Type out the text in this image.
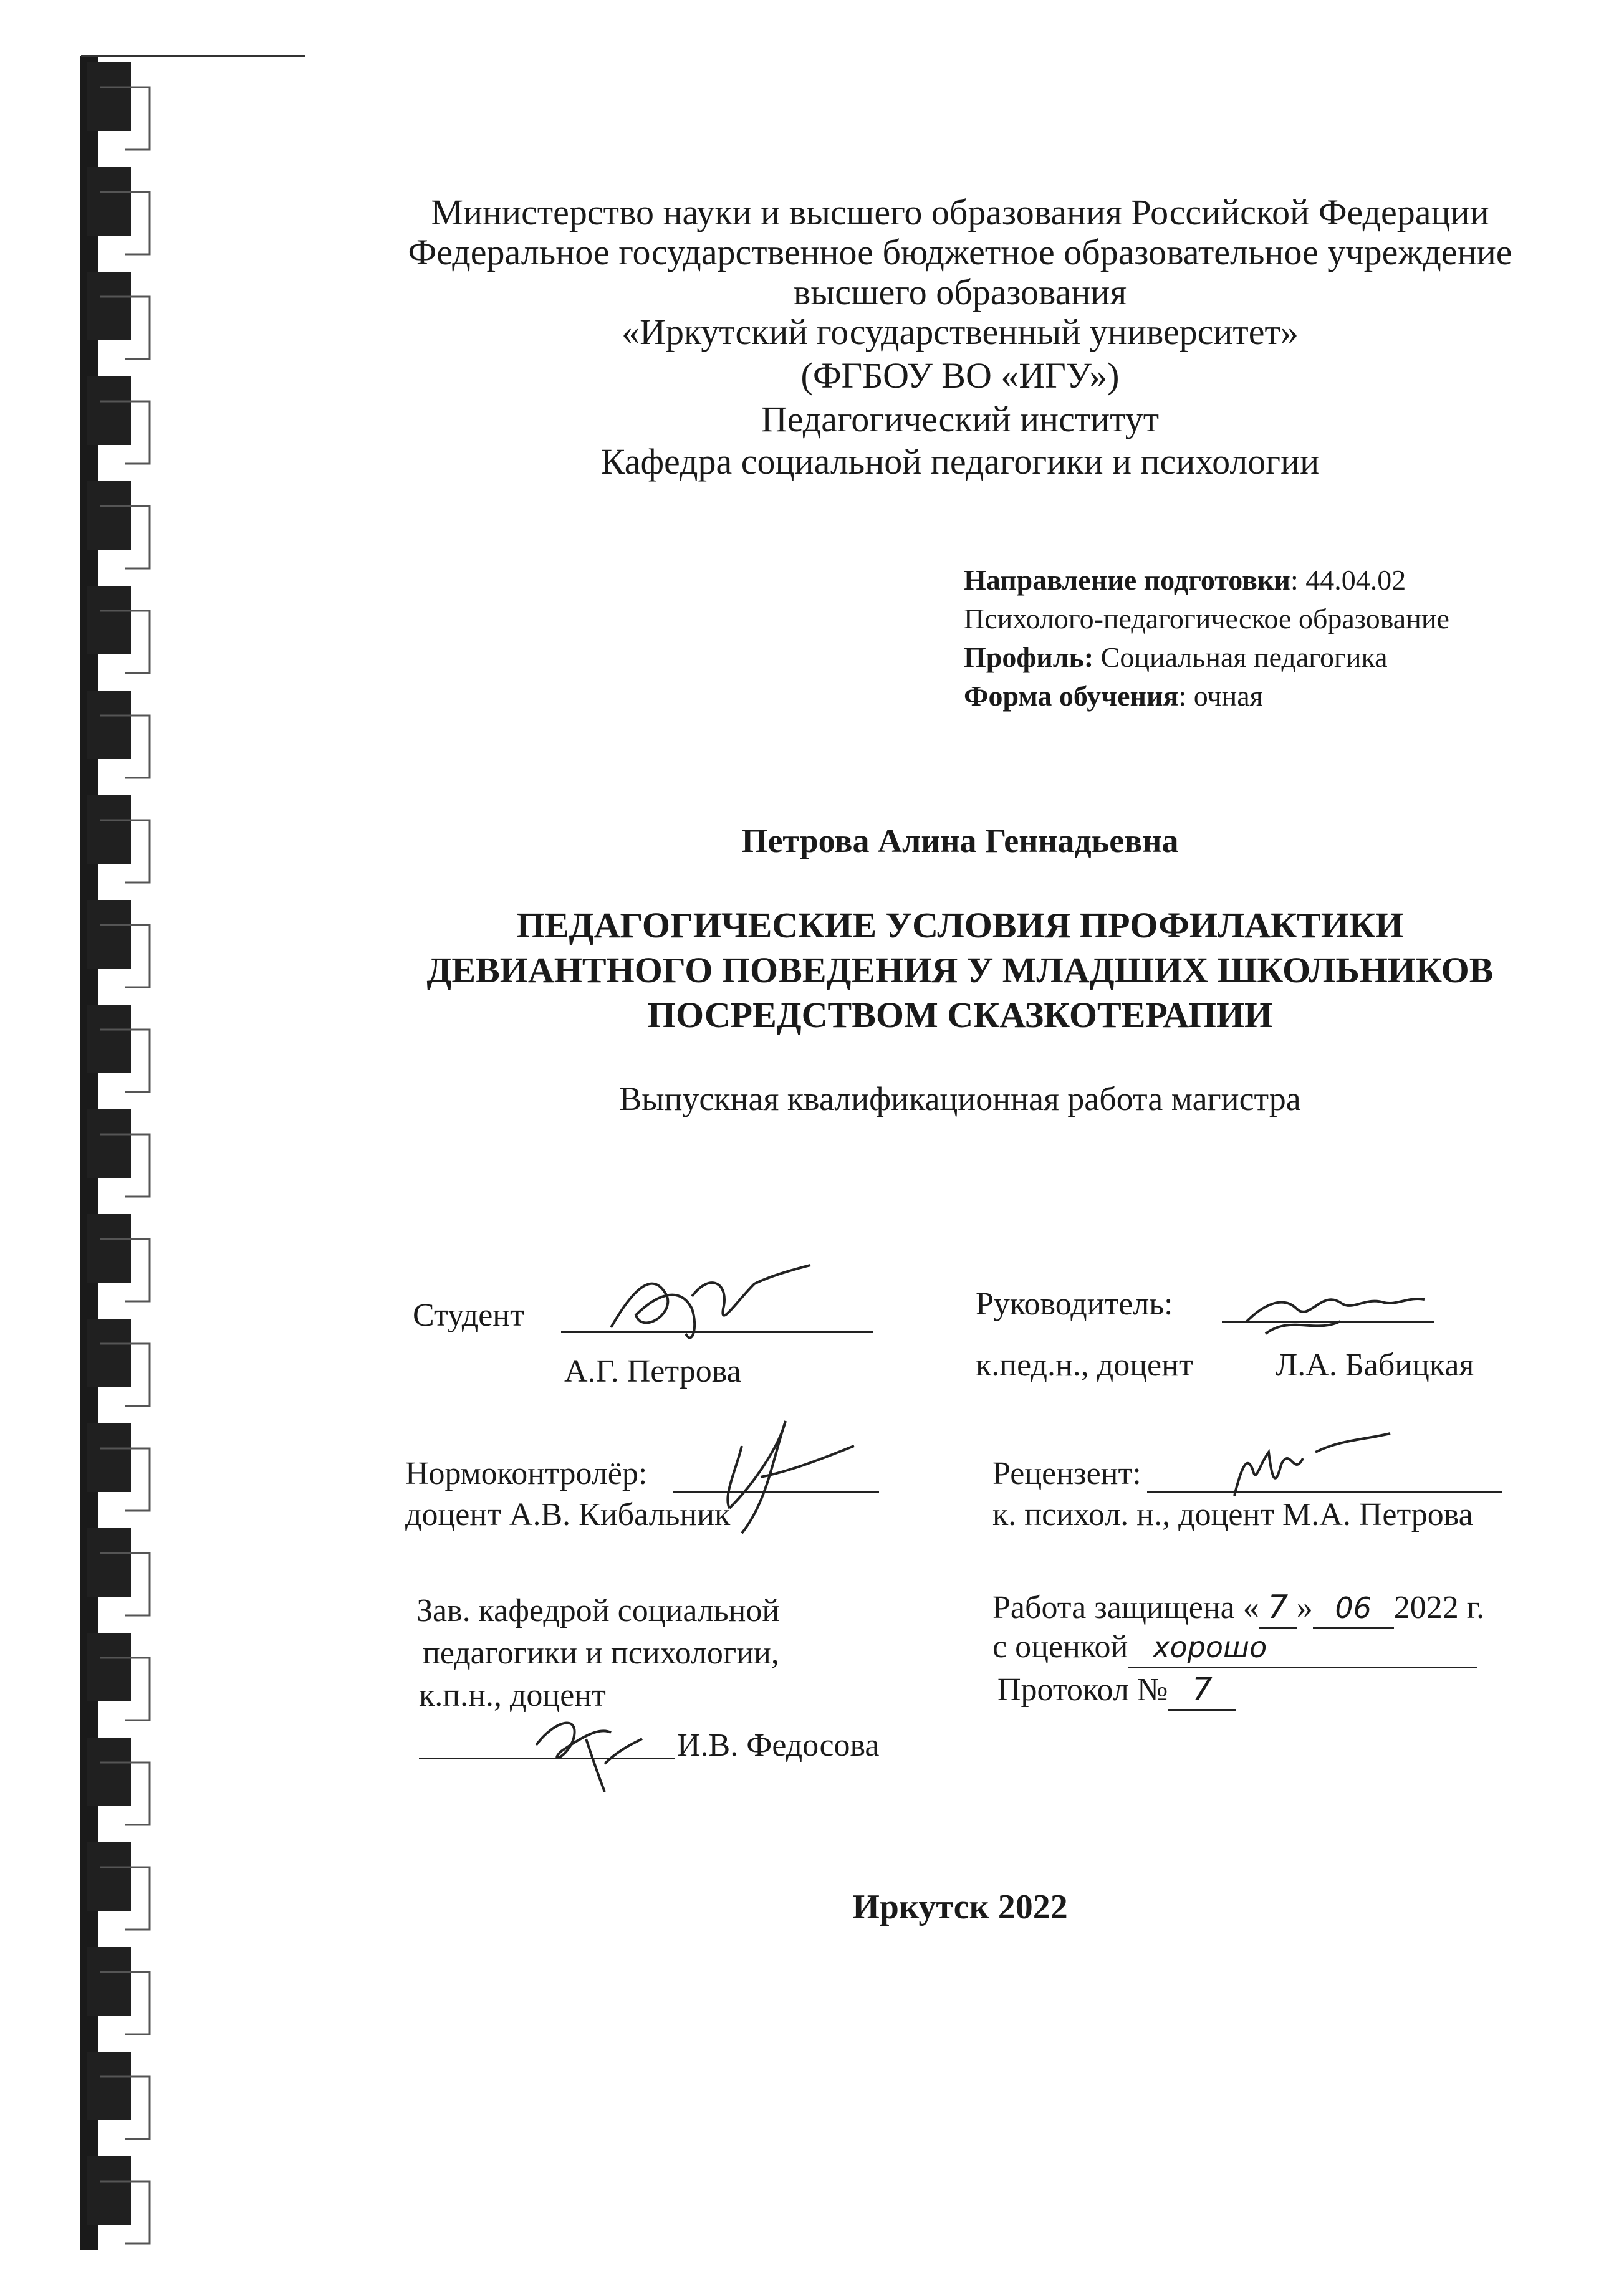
Министерство науки и высшего образования Российской Федерации
Федеральное государственное бюджетное образовательное учреждение
высшего образования
«Иркутский государственный университет»
(ФГБОУ ВО «ИГУ»)
Педагогический институт
Кафедра социальной педагогики и психологии
Направление подготовки: 44.04.02
Психолого-педагогическое образование
Профиль: Социальная педагогика
Форма обучения: очная
Петрова Алина Геннадьевна
ПЕДАГОГИЧЕСКИЕ УСЛОВИЯ ПРОФИЛАКТИКИ
ДЕВИАНТНОГО ПОВЕДЕНИЯ У МЛАДШИХ ШКОЛЬНИКОВ
ПОСРЕДСТВОМ СКАЗКОТЕРАПИИ
Выпускная квалификационная работа магистра
Студент
А.Г. Петрова
Руководитель:
к.пед.н., доцент	Л.А. Бабицкая
Нормоконтролёр:
доцент А.В. Кибальник
Рецензент:
к. психол. н., доцент М.А. Петрова
Зав. кафедрой социальной
педагогики и психологии,
к.п.н., доцент
И.В. Федосова
Работа защищена « 7 » 06 2022 г.
с оценкой хорошо
Протокол № 7
Иркутск 2022
